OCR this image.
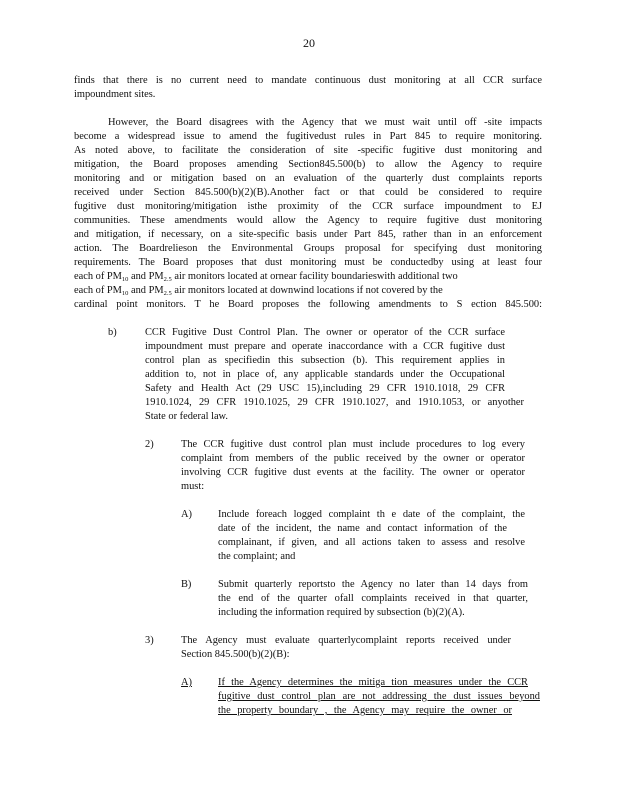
20
finds that there is no current need to mandate continuous dust monitoring at all CCR surface
impoundment sites.
However, the Board disagrees with the Agency that we must wait until off -site impacts
become a widespread issue to amend the fugitivedust rules in Part 845 to require monitoring.
As noted above, to facilitate the consideration of site -specific fugitive dust monitoring and
mitigation, the Board proposes amending Section845.500(b) to allow the Agency to require
monitoring and or mitigation based on an evaluation of the quarterly dust complaints reports
received under Section 845.500(b)(2)(B).Another fact or that could be considered to require
fugitive dust monitoring/mitigation isthe proximity of the CCR surface impoundment to EJ
communities. These amendments would allow the Agency to require fugitive dust monitoring
and mitigation, if necessary, on a site-specific basis under Part 845, rather than in an enforcement
action. The Boardrelieson the Environmental Groups proposal for specifying dust monitoring
requirements. The Board proposes that dust monitoring must be conductedby using at least four
each of $PM_{10}$ and $PM_{2.5}$ air monitors located at ornear facility boundarieswith additional two
each of $PM_{10}$ and $PM_{2.5}$ air monitors located at downwind locations if not covered by the
cardinal point monitors. T he Board proposes the following amendments to S ection 845.500:
b)	CCR Fugitive Dust Control Plan. The owner or operator of the CCR surface
impoundment must prepare and operate inaccordance with a CCR fugitive dust
control plan as specifiedin this subsection (b). This requirement applies in
addition to, not in place of, any applicable standards under the Occupational
Safety and Health Act (29 USC 15),including 29 CFR 1910.1018, 29 CFR
1910.1024, 29 CFR 1910.1025, 29 CFR 1910.1027, and 1910.1053, or anyother
State or federal law.
2)	The CCR fugitive dust control plan must include procedures to log every
complaint from members of the public received by the owner or operator
involving CCR fugitive dust events at the facility. The owner or operator
must:
A)	Include foreach logged complaint th e date of the complaint, the
date of the incident, the name and contact information of the
complainant, if given, and all actions taken to assess and resolve
the complaint; and
B)	Submit quarterly reportsto the Agency no later than 14 days from
the end of the quarter ofall complaints received in that quarter,
including the information required by subsection (b)(2)(A).
3)	The Agency must evaluate quarterlycomplaint reports received under
Section 845.500(b)(2)(B):
A)	If the Agency determines the mitiga tion measures under the CCR
fugitive dust control plan are not addressing the dust issues beyond
the property boundary , the Agency may require the owner or
